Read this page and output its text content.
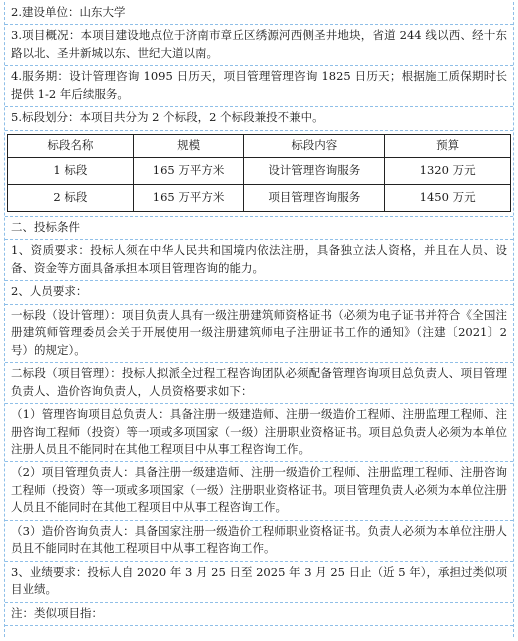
2.建设单位：山东大学

3.项目概况：本项目建设地点位于济南市章丘区绣源河西侧圣井地块，省道 244 线以西、经十东路以北、圣井新城以东、世纪大道以南。

4.服务期：设计管理咨询 1095 日历天，项目管理管理咨询 1825 日历天；根据施工质保期时长提供 1-2 年后续服务。

5.标段划分：本项目共分为 2 个标段，2 个标段兼投不兼中。

标段名称	规模	标段内容	预算
1 标段	165 万平方米	设计管理咨询服务	1320 万元
2 标段	165 万平方米	项目管理咨询服务	1450 万元

二、投标条件

1、资质要求：投标人须在中华人民共和国境内依法注册，具备独立法人资格，并且在人员、设备、资金等方面具备承担本项目管理咨询的能力。

2、人员要求：

一标段（设计管理）：项目负责人具有一级注册建筑师资格证书（必须为电子证书并符合《全国注册建筑师管理委员会关于开展使用一级注册建筑师电子注册证书工作的通知》（注建〔2021〕2 号）的规定）。

二标段（项目管理）：投标人拟派全过程工程咨询团队必须配备管理咨询项目总负责人、项目管理负责人、造价咨询负责人，人员资格要求如下：

（1）管理咨询项目总负责人：具备注册一级建造师、注册一级造价工程师、注册监理工程师、注册咨询工程师（投资）等一项或多项国家（一级）注册职业资格证书。项目总负责人必须为本单位注册人员且不能同时在其他工程项目中从事工程咨询工作。

（2）项目管理负责人：具备注册一级建造师、注册一级造价工程师、注册监理工程师、注册咨询工程师（投资）等一项或多项国家（一级）注册职业资格证书。项目管理负责人必须为本单位注册人员且不能同时在其他工程项目中从事工程咨询工作。

（3）造价咨询负责人：具备国家注册一级造价工程师职业资格证书。负责人必须为本单位注册人员且不能同时在其他工程项目中从事工程咨询工作。

3、业绩要求：投标人自 2020 年 3 月 25 日至 2025 年 3 月 25 日止（近 5 年），承担过类似项目业绩。

注：类似项目指：
